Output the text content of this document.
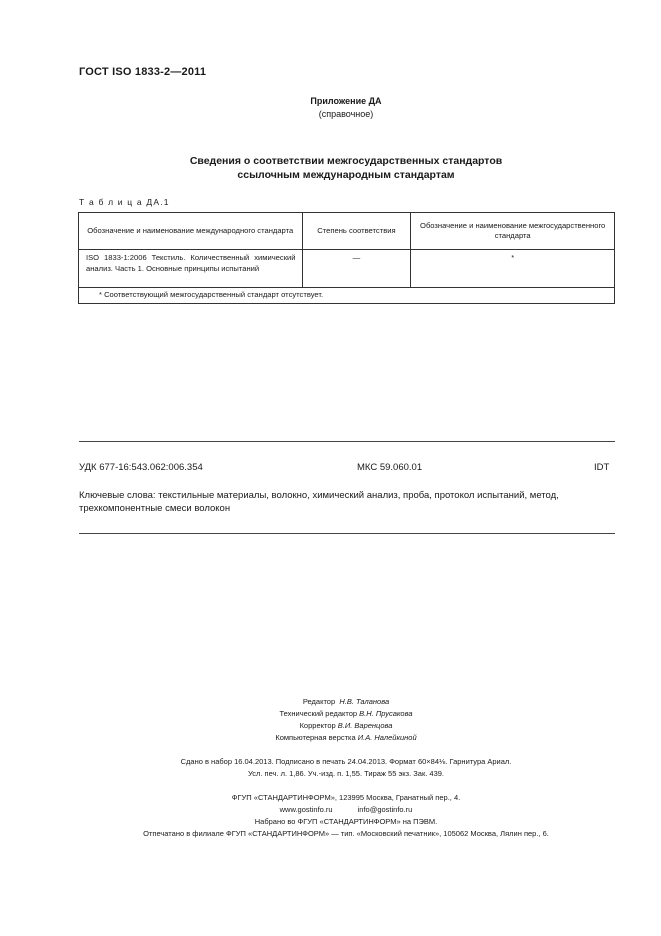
ГОСТ ISO 1833-2—2011
Приложение ДА
(справочное)
Сведения о соответствии межгосударственных стандартов
ссылочным международным стандартам
Т а б л и ц а ДА.1
Обозначение и наименование международного стандарта	Степень соответствия	Обозначение и наименование межгосударственного стандарта

ISO 1833-1:2006 Текстиль. Количественный химический анализ. Часть 1. Основные принципы испытаний	—	*

* Соответствующий межгосударственный стандарт отсутствует.		
УДК 677-16:543.062:006.354	МКС 59.060.01	IDT
Ключевые слова: текстильные материалы, волокно, химический анализ, проба, протокол испытаний, метод, трехкомпонентные смеси волокон
Редактор Н.В. Таланова
Технический редактор В.Н. Прусакова
Корректор В.И. Варенцова
Компьютерная верстка И.А. Налейкиной
Сдано в набор 16.04.2013. Подписано в печать 24.04.2013. Формат 60×84⅛. Гарнитура Ариал.
Усл. печ. л. 1,86. Уч.-изд. п. 1,55. Тираж 55 экз. Зак. 439.
ФГУП «СТАНДАРТИНФОРМ», 123995 Москва, Гранатный пер., 4.
www.gostinfo.ru	info@gostinfo.ru
Набрано во ФГУП «СТАНДАРТИНФОРМ» на ПЭВМ.
Отпечатано в филиале ФГУП «СТАНДАРТИНФОРМ» — тип. «Московский печатник», 105062 Москва, Лялин пер., 6.
